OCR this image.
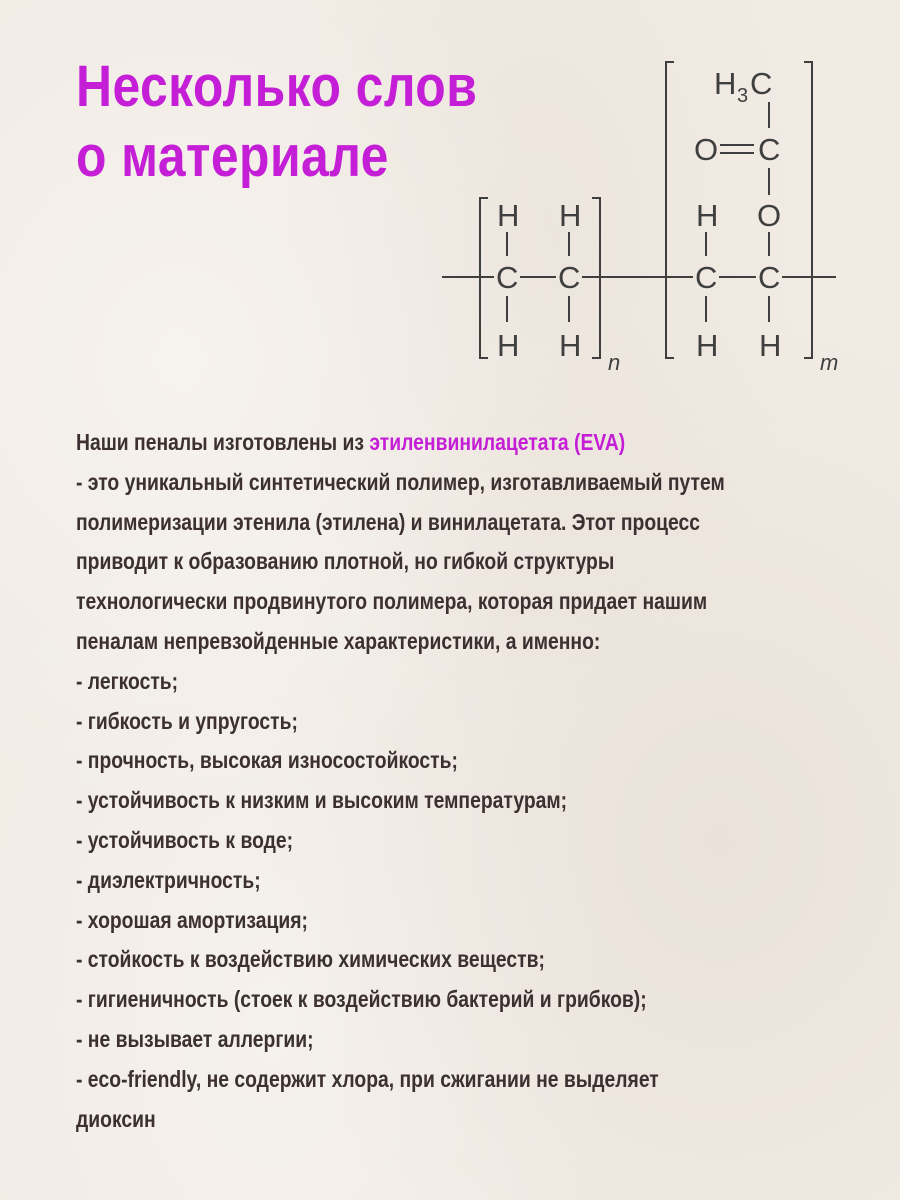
Несколько слов
о материале
n	m
C C	C C
H H	H
H H	H H
O
C
O
H 3 C
Наши пеналы изготовлены из этиленвинилацетата (EVA)
- это уникальный синтетический полимер, изготавливаемый путем
полимеризации этенила (этилена) и винилацетата. Этот процесс
приводит к образованию плотной, но гибкой структуры
технологически продвинутого полимера, которая придает нашим
пеналам непревзойденные характеристики, а именно:
- легкость;
- гибкость и упругость;
- прочность, высокая износостойкость;
- устойчивость к низким и высоким температурам;
- устойчивость к воде;
- диэлектричность;
- хорошая амортизация;
- стойкость к воздействию химических веществ;
- гигиеничность (стоек к воздействию бактерий и грибков);
- не вызывает аллергии;
- eco-friendly, не содержит хлора, при сжигании не выделяет
диоксин
